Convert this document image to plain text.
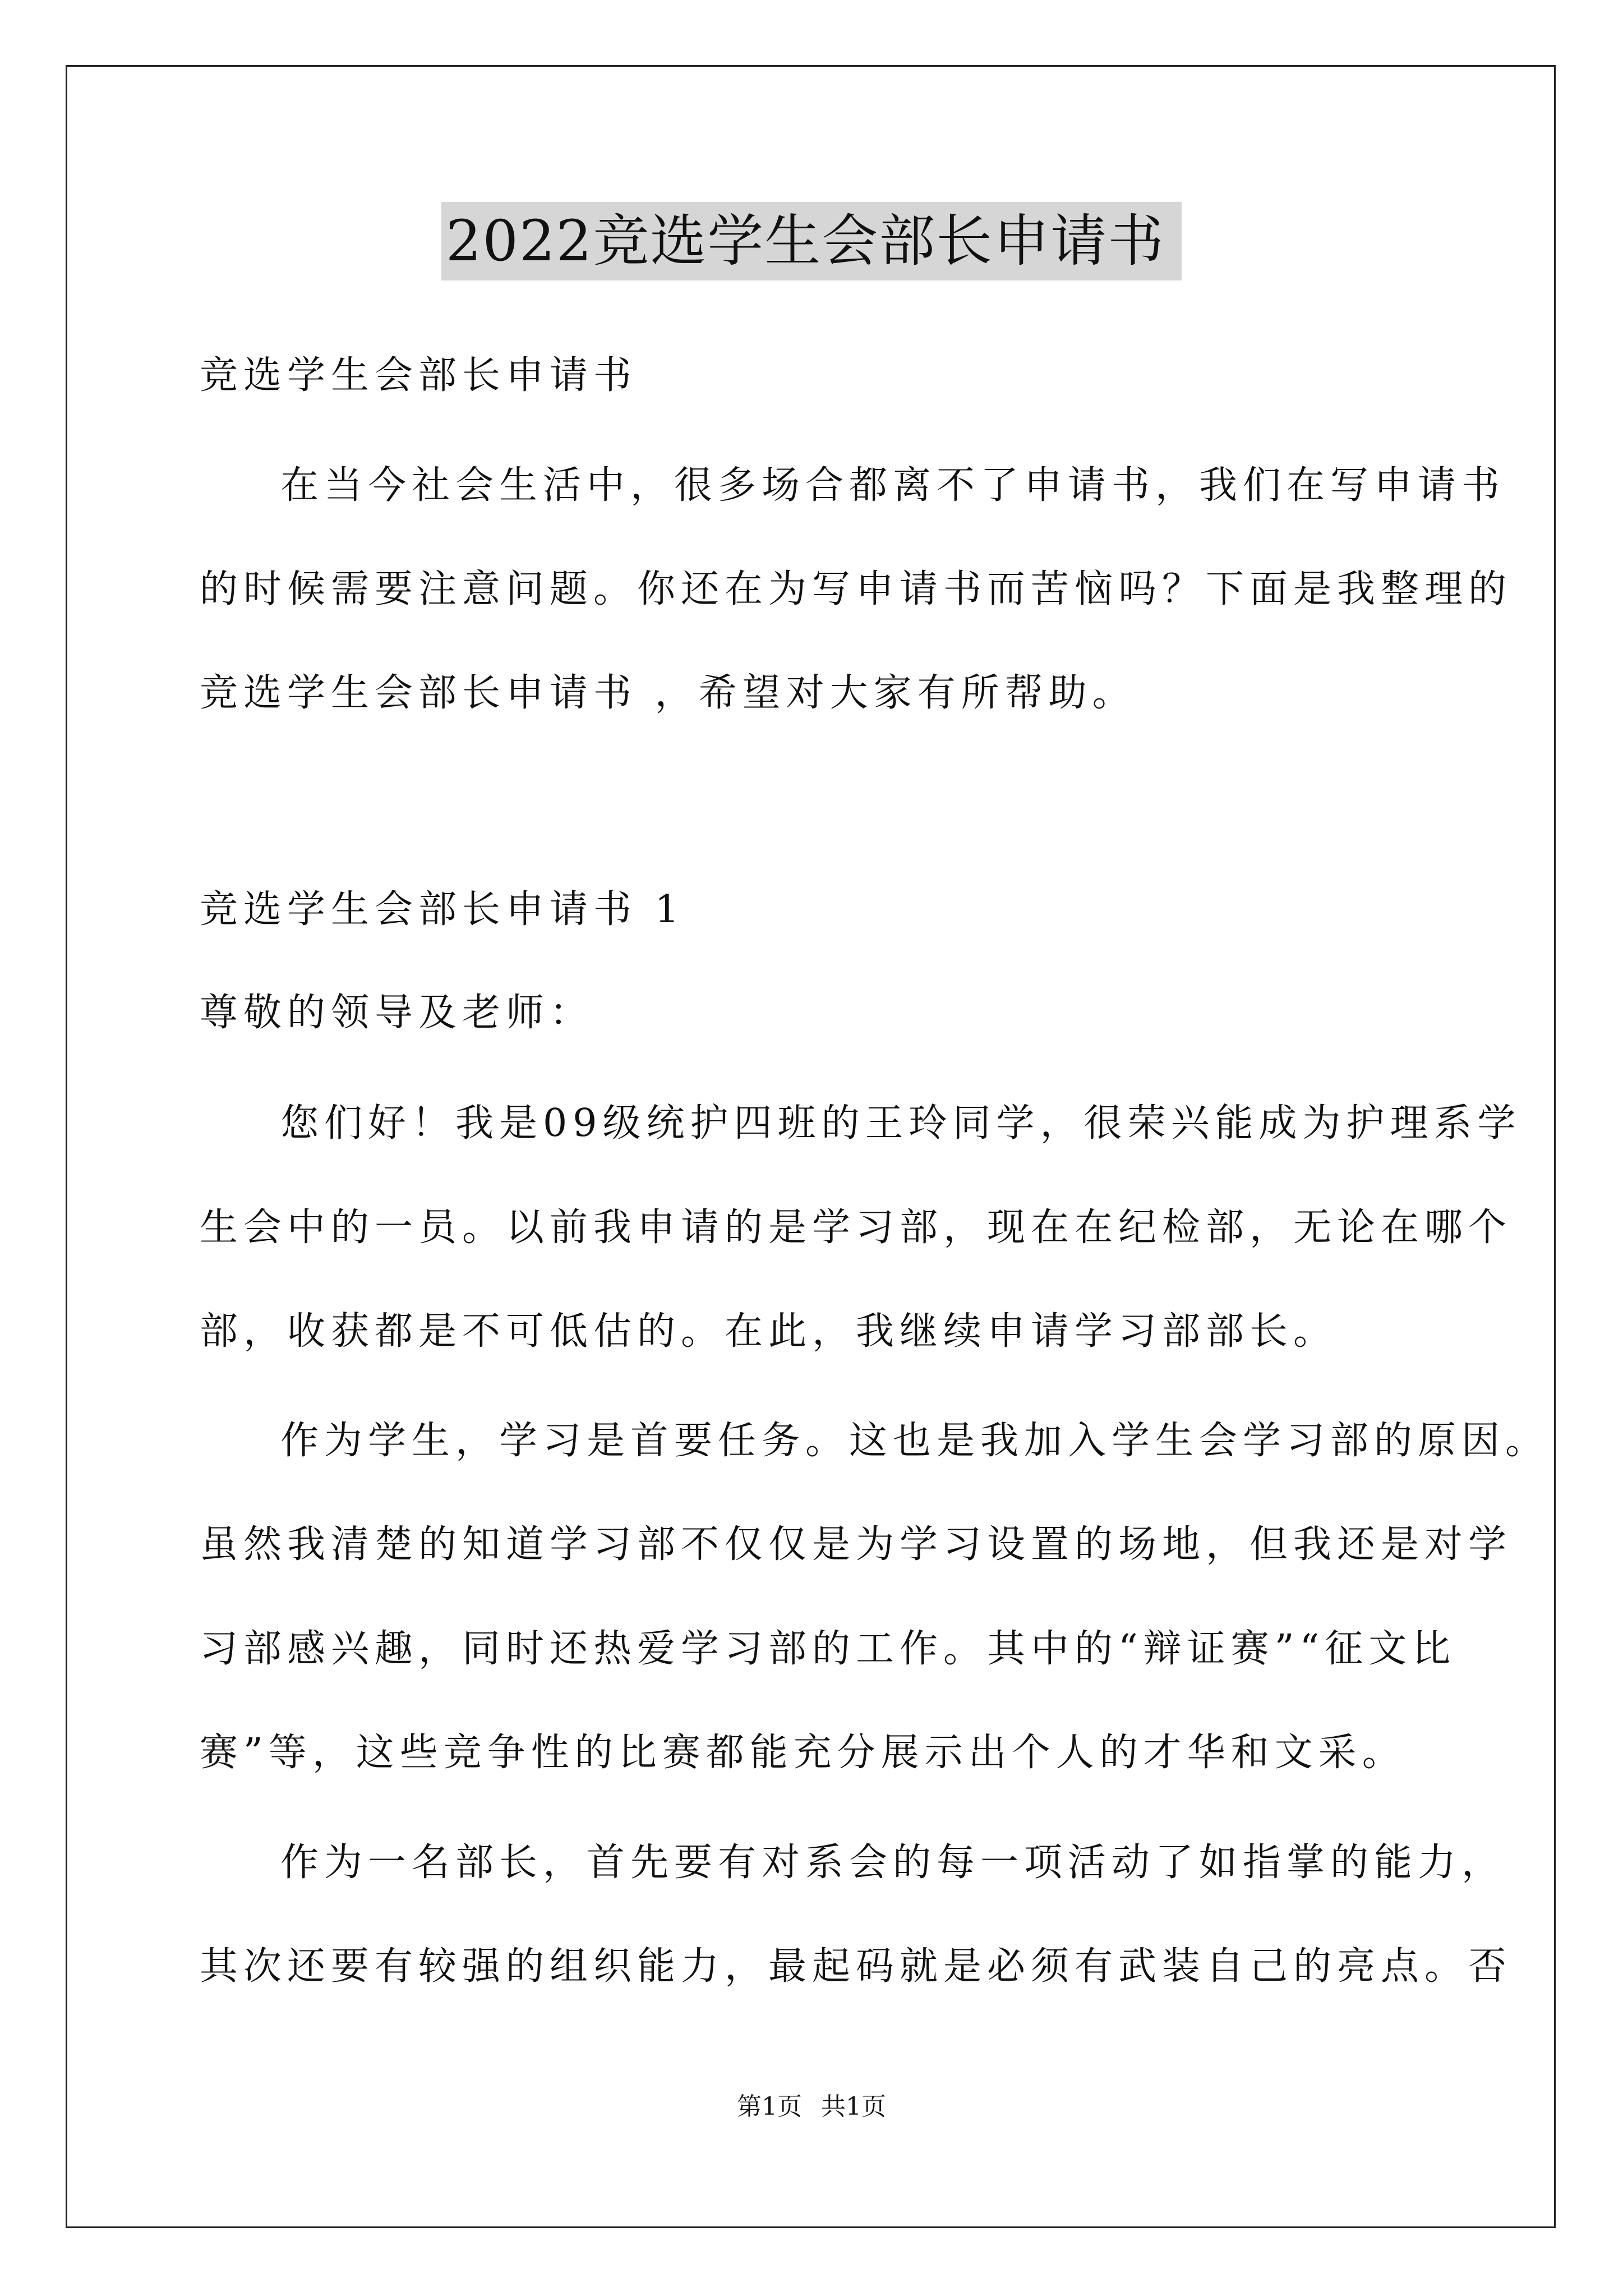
2022竞选学生会部长申请书
竞选学生会部长申请书
在当今社会生活中，很多场合都离不了申请书，我们在写申请书
的时候需要注意问题。你还在为写申请书而苦恼吗？下面是我整理的
竞选学生会部长申请书 ，希望对大家有所帮助。
竞选学生会部长申请书 1
尊敬的领导及老师：
您们好！我是09级统护四班的王玲同学，很荣兴能成为护理系学
生会中的一员。以前我申请的是学习部，现在在纪检部，无论在哪个
部，收获都是不可低估的。在此，我继续申请学习部部长。
作为学生，学习是首要任务。这也是我加入学生会学习部的原因。
虽然我清楚的知道学习部不仅仅是为学习设置的场地，但我还是对学
习部感兴趣，同时还热爱学习部的工作。其中的“辩证赛”“征文比
赛”等，这些竞争性的比赛都能充分展示出个人的才华和文采。
作为一名部长，首先要有对系会的每一项活动了如指掌的能力，
其次还要有较强的组织能力，最起码就是必须有武装自己的亮点。否
第1页 共1页
